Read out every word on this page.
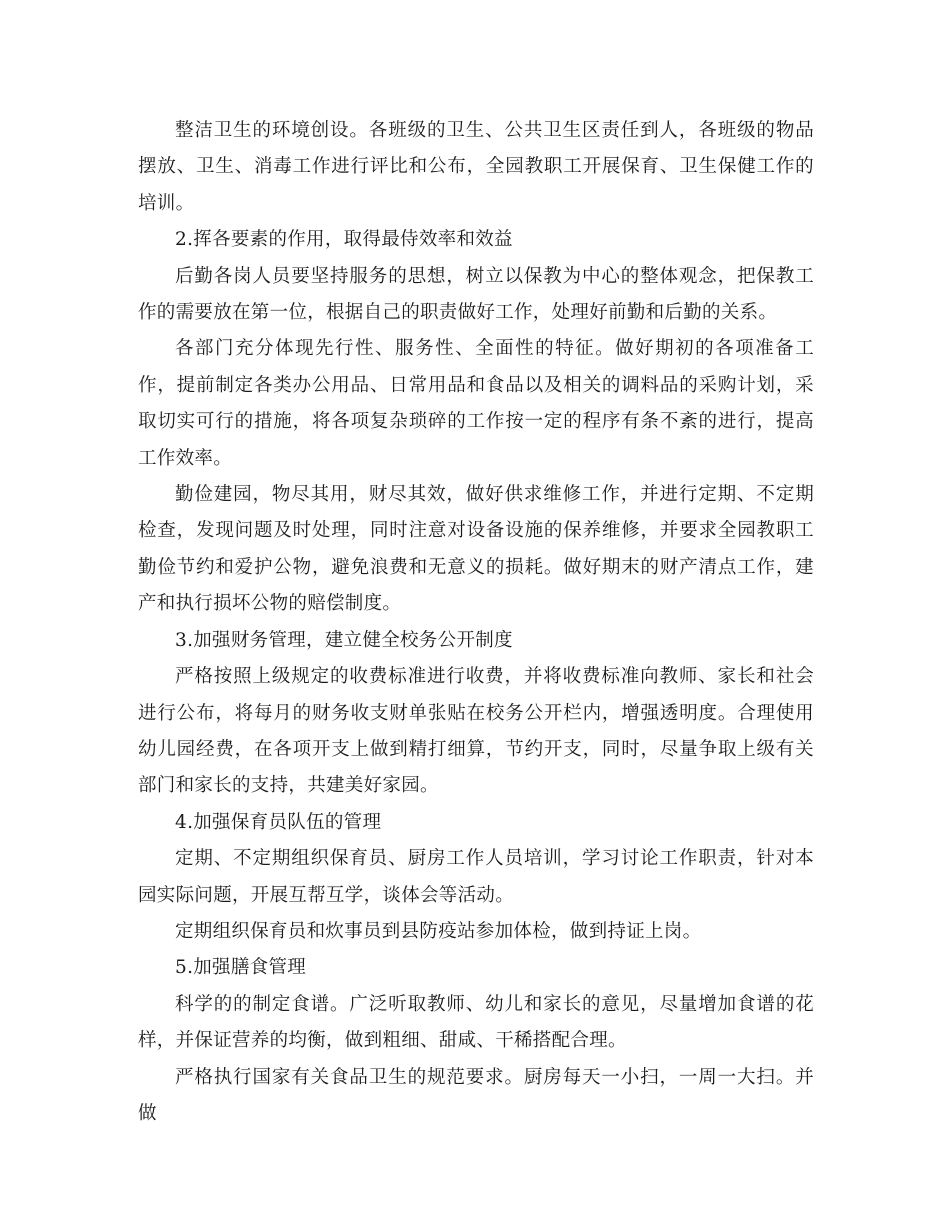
整洁卫生的环境创设。各班级的卫生、公共卫生区责任到人，各班级的物品摆放、卫生、消毒工作进行评比和公布，全园教职工开展保育、卫生保健工作的培训。

2.挥各要素的作用，取得最侍效率和效益

后勤各岗人员要坚持服务的思想，树立以保教为中心的整体观念，把保教工作的需要放在第一位，根据自己的职责做好工作，处理好前勤和后勤的关系。

各部门充分体现先行性、服务性、全面性的特征。做好期初的各项准备工作，提前制定各类办公用品、日常用品和食品以及相关的调料品的采购计划，采取切实可行的措施，将各项复杂琐碎的工作按一定的程序有条不紊的进行，提高工作效率。

勤俭建园，物尽其用，财尽其效，做好供求维修工作，并进行定期、不定期检查，发现问题及时处理，同时注意对设备设施的保养维修，并要求全园教职工勤俭节约和爱护公物，避免浪费和无意义的损耗。做好期末的财产清点工作，建产和执行损坏公物的赔偿制度。

3.加强财务管理，建立健全校务公开制度

严格按照上级规定的收费标准进行收费，并将收费标准向教师、家长和社会进行公布，将每月的财务收支财单张贴在校务公开栏内，增强透明度。合理使用幼儿园经费，在各项开支上做到精打细算，节约开支，同时，尽量争取上级有关部门和家长的支持，共建美好家园。

4.加强保育员队伍的管理

定期、不定期组织保育员、厨房工作人员培训，学习讨论工作职责，针对本园实际问题，开展互帮互学，谈体会等活动。

定期组织保育员和炊事员到县防疫站参加体检，做到持证上岗。

5.加强膳食管理

科学的的制定食谱。广泛听取教师、幼儿和家长的意见，尽量增加食谱的花样，并保证营养的均衡，做到粗细、甜咸、干稀搭配合理。

严格执行国家有关食品卫生的规范要求。厨房每天一小扫，一周一大扫。并做
